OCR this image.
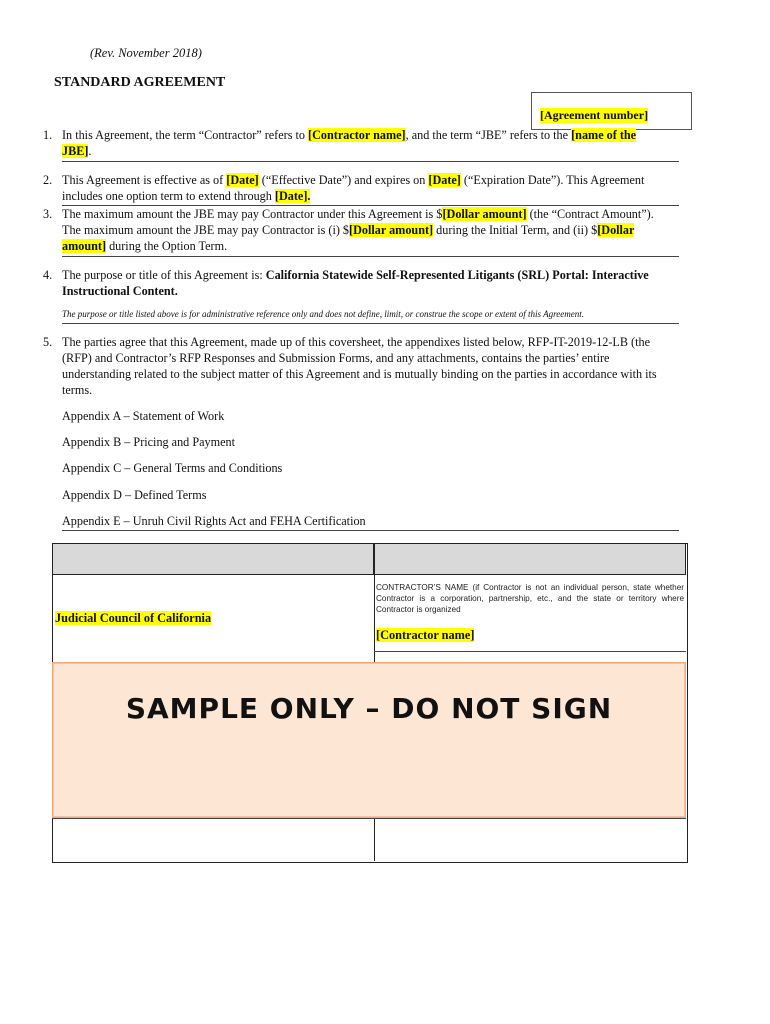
(Rev. November 2018)
STANDARD AGREEMENT
[Agreement number]
1. In this Agreement, the term “Contractor” refers to [Contractor name], and the term “JBE” refers to the [name of the
JBE].
2. This Agreement is effective as of [Date] (“Effective Date”) and expires on [Date] (“Expiration Date”). This Agreement
includes one option term to extend through [Date].
3. The maximum amount the JBE may pay Contractor under this Agreement is $[Dollar amount] (the “Contract Amount”).
The maximum amount the JBE may pay Contractor is (i) $[Dollar amount] during the Initial Term, and (ii) $[Dollar
amount] during the Option Term.
4. The purpose or title of this Agreement is: California Statewide Self-Represented Litigants (SRL) Portal: Interactive
Instructional Content.
The purpose or title listed above is for administrative reference only and does not define, limit, or construe the scope or extent of this Agreement.
5. The parties agree that this Agreement, made up of this coversheet, the appendixes listed below, RFP-IT-2019-12-LB (the
(RFP) and Contractor’s RFP Responses and Submission Forms, and any attachments, contains the parties’ entire
understanding related to the subject matter of this Agreement and is mutually binding on the parties in accordance with its
terms.
Appendix A – Statement of Work
Appendix B – Pricing and Payment
Appendix C – General Terms and Conditions
Appendix D – Defined Terms
Appendix E – Unruh Civil Rights Act and FEHA Certification
Judicial Council of California
CONTRACTOR’S NAME (if Contractor is not an individual person, state whether Contractor is a corporation, partnership, etc., and the state or territory where Contractor is organized
[Contractor name]
SAMPLE ONLY – DO NOT SIGN
